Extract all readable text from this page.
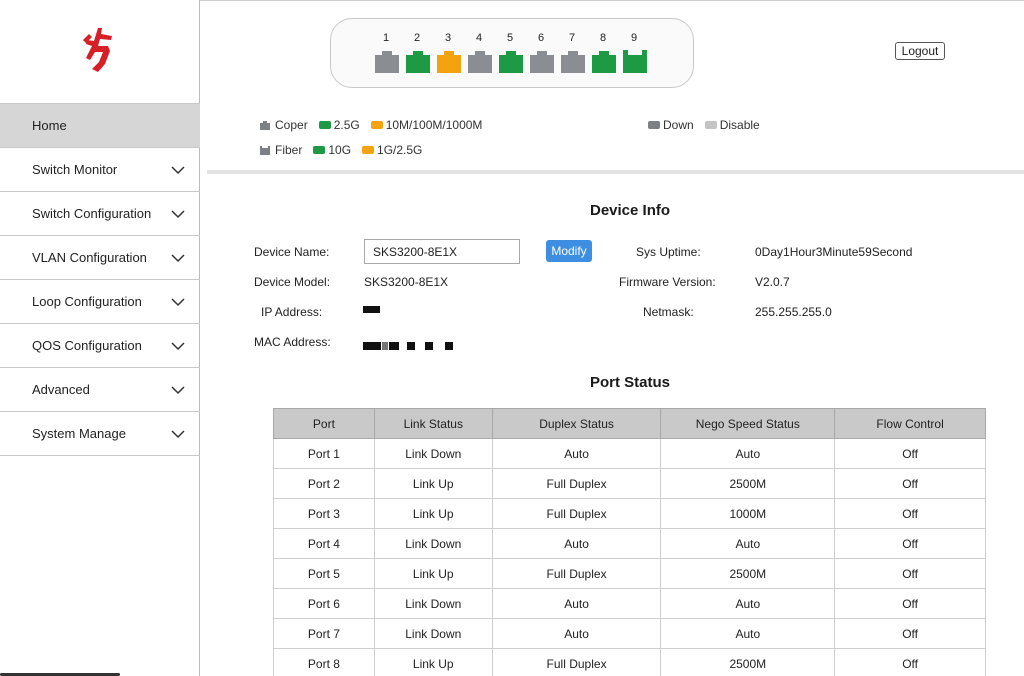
Home
Switch Monitor
Switch Configuration
VLAN Configuration
Loop Configuration
QOS Configuration
Advanced
System Manage
1	2	3	4	5	6	7	8	9
Logout
Coper 2.5G 10M/100M/1000M	Down Disable
Fiber 10G 1G/2.5G
Device Info
Device Name:
SKS3200-8E1X	Modify	Sys Uptime:	0Day1Hour3Minute59Second
Device Model:	SKS3200-8E1X	Firmware Version:	V2.0.7
IP Address:	Netmask:	255.255.255.0
MAC Address:
Port Status
Port	Link Status	Duplex Status	Nego Speed Status	Flow Control
Port 1	Link Down	Auto	Auto	Off
Port 2	Link Up	Full Duplex	2500M	Off
Port 3	Link Up	Full Duplex	1000M	Off
Port 4	Link Down	Auto	Auto	Off
Port 5	Link Up	Full Duplex	2500M	Off
Port 6	Link Down	Auto	Auto	Off
Port 7	Link Down	Auto	Auto	Off
Port 8	Link Up	Full Duplex	2500M	Off
